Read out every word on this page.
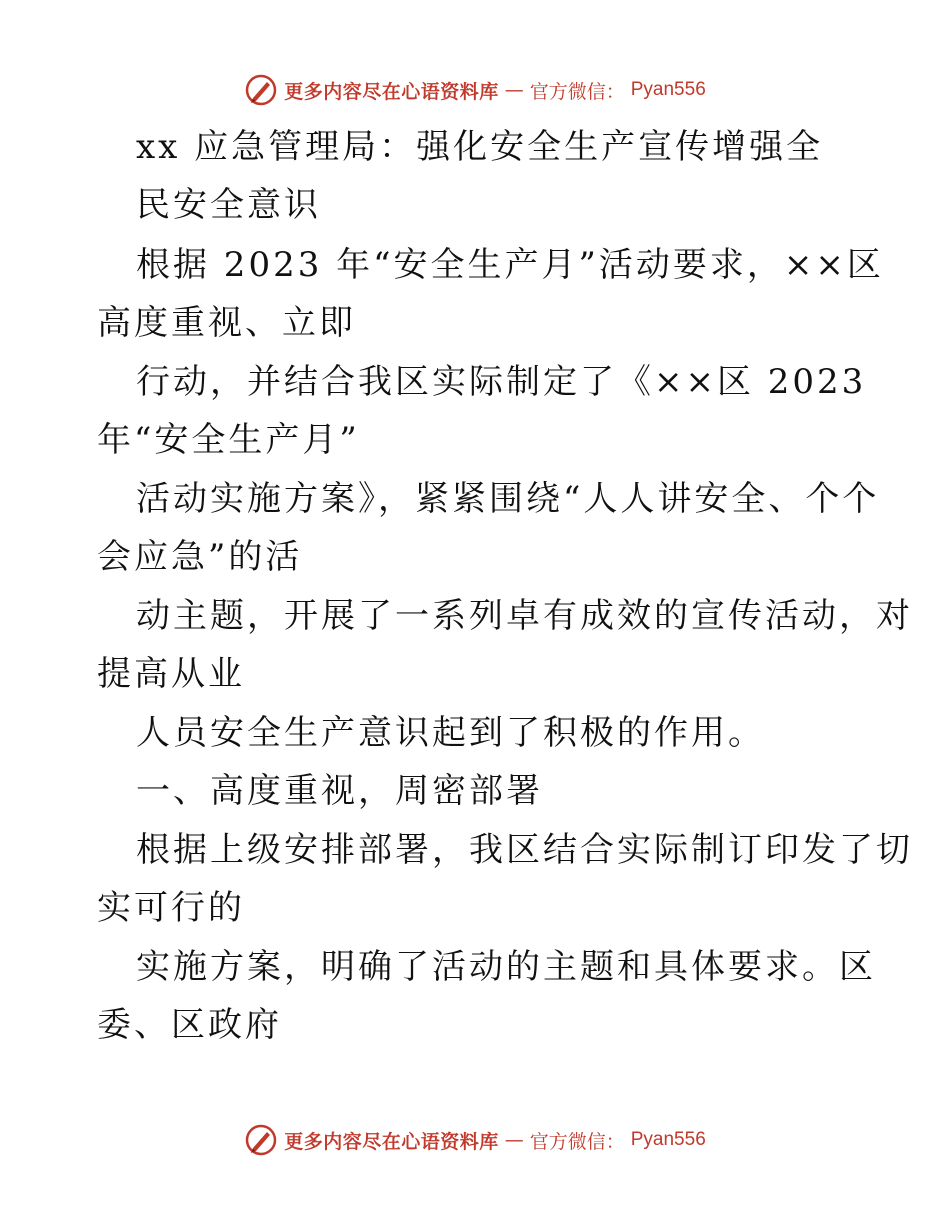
更多内容尽在心语资料库 — 官方微信： Pyan556
xx 应急管理局：强化安全生产宣传增强全
民安全意识
根据 2023 年“安全生产月”活动要求，××区
高度重视、立即
行动，并结合我区实际制定了《××区 2023
年“安全生产月”
活动实施方案》，紧紧围绕“人人讲安全、个个
会应急”的活
动主题，开展了一系列卓有成效的宣传活动，对
提高从业
人员安全生产意识起到了积极的作用。
一、高度重视，周密部署
根据上级安排部署，我区结合实际制订印发了切
实可行的
实施方案，明确了活动的主题和具体要求。区
委、区政府
更多内容尽在心语资料库 — 官方微信： Pyan556
